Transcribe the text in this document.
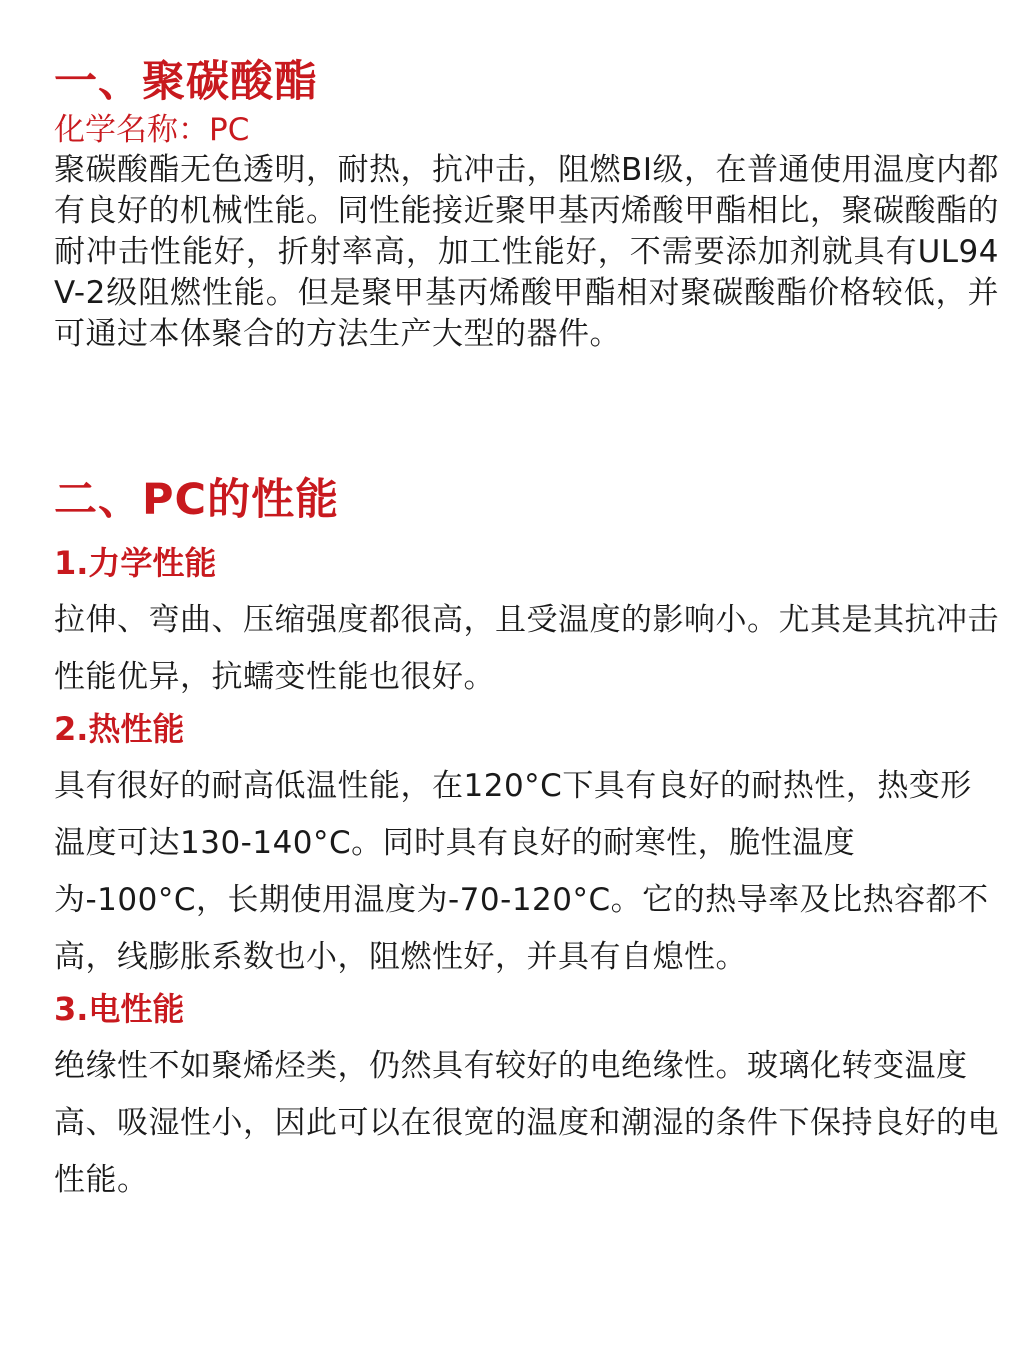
一、聚碳酸酯

化学名称：PC

聚碳酸酯无色透明，耐热，抗冲击，阻燃BI级，在普通使用温度内都有良好的机械性能。同性能接近聚甲基丙烯酸甲酯相比，聚碳酸酯的耐冲击性能好，折射率高，加工性能好，不需要添加剂就具有UL94 V-2级阻燃性能。但是聚甲基丙烯酸甲酯相对聚碳酸酯价格较低，并可通过本体聚合的方法生产大型的器件。

二、PC的性能
1.力学性能

拉伸、弯曲、压缩强度都很高，且受温度的影响小。尤其是其抗冲击性能优异，抗蠕变性能也很好。

2.热性能

具有很好的耐高低温性能，在120°C下具有良好的耐热性，热变形温度可达130-140°C。同时具有良好的耐寒性，脆性温度为-100°C，长期使用温度为-70-120°C。它的热导率及比热容都不高，线膨胀系数也小，阻燃性好，并具有自熄性。

3.电性能

绝缘性不如聚烯烃类，仍然具有较好的电绝缘性。玻璃化转变温度高、吸湿性小，因此可以在很宽的温度和潮湿的条件下保持良好的电性能。
